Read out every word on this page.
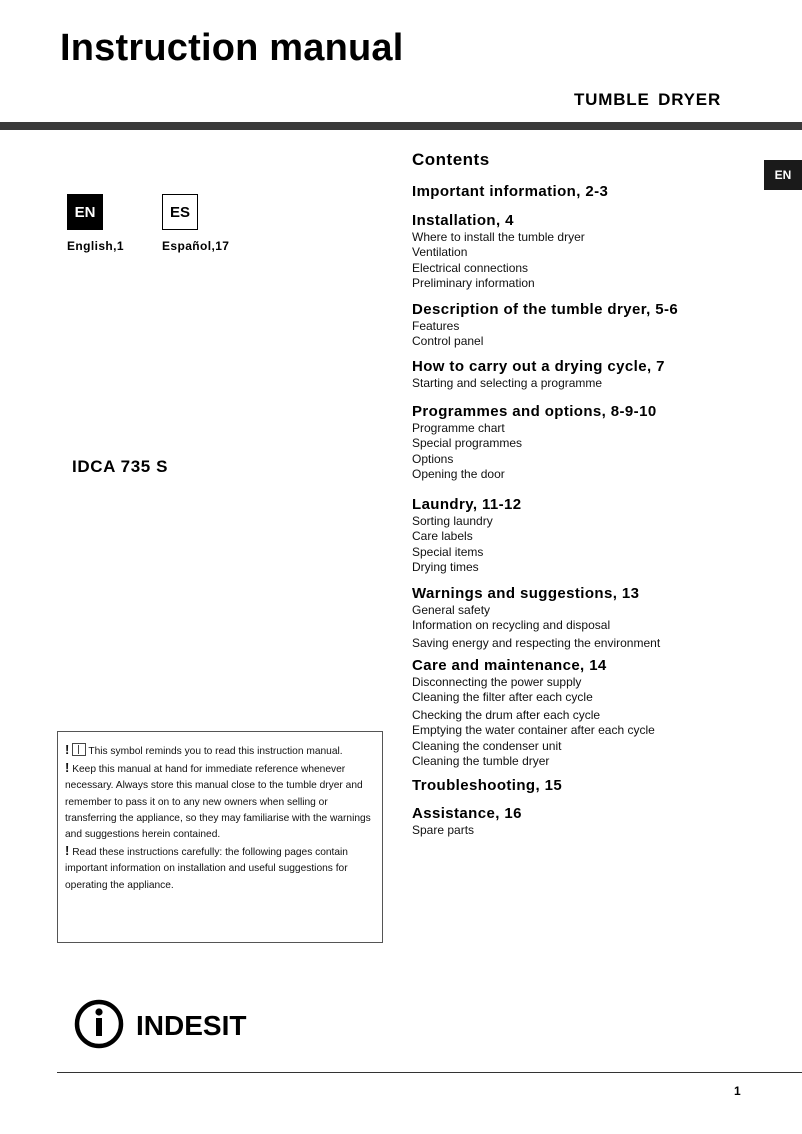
Instruction manual
TUMBLE DRYER
EN
EN
English,1
ES
Español,17
IDCA 735 S
Contents
Important information, 2-3
Installation, 4
Where to install the tumble dryer
Ventilation
Electrical connections
Preliminary information
Description of the tumble dryer, 5-6
Features
Control panel
How to carry out a drying cycle, 7
Starting and selecting a programme
Programmes and options, 8-9-10
Programme chart
Special programmes
Options
Opening the door
Laundry, 11-12
Sorting laundry
Care labels
Special items
Drying times
Warnings and suggestions, 13
General safety
Information on recycling and disposal
Saving energy and respecting the environment
Care and maintenance, 14
Disconnecting the power supply
Cleaning the filter after each cycle
Checking the drum after each cycle
Emptying the water container after each cycle
Cleaning the condenser unit
Cleaning the tumble dryer
Troubleshooting, 15
Assistance, 16
Spare parts

! This symbol reminds you to read this instruction manual.

! Keep this manual at hand for immediate reference whenever necessary. Always store this manual close to the tumble dryer and remember to pass it on to any new owners when selling or transferring the appliance, so they may familiarise with the warnings and suggestions herein contained.

! Read these instructions carefully: the following pages contain important information on installation and useful suggestions for operating the appliance.

INDESIT
1
